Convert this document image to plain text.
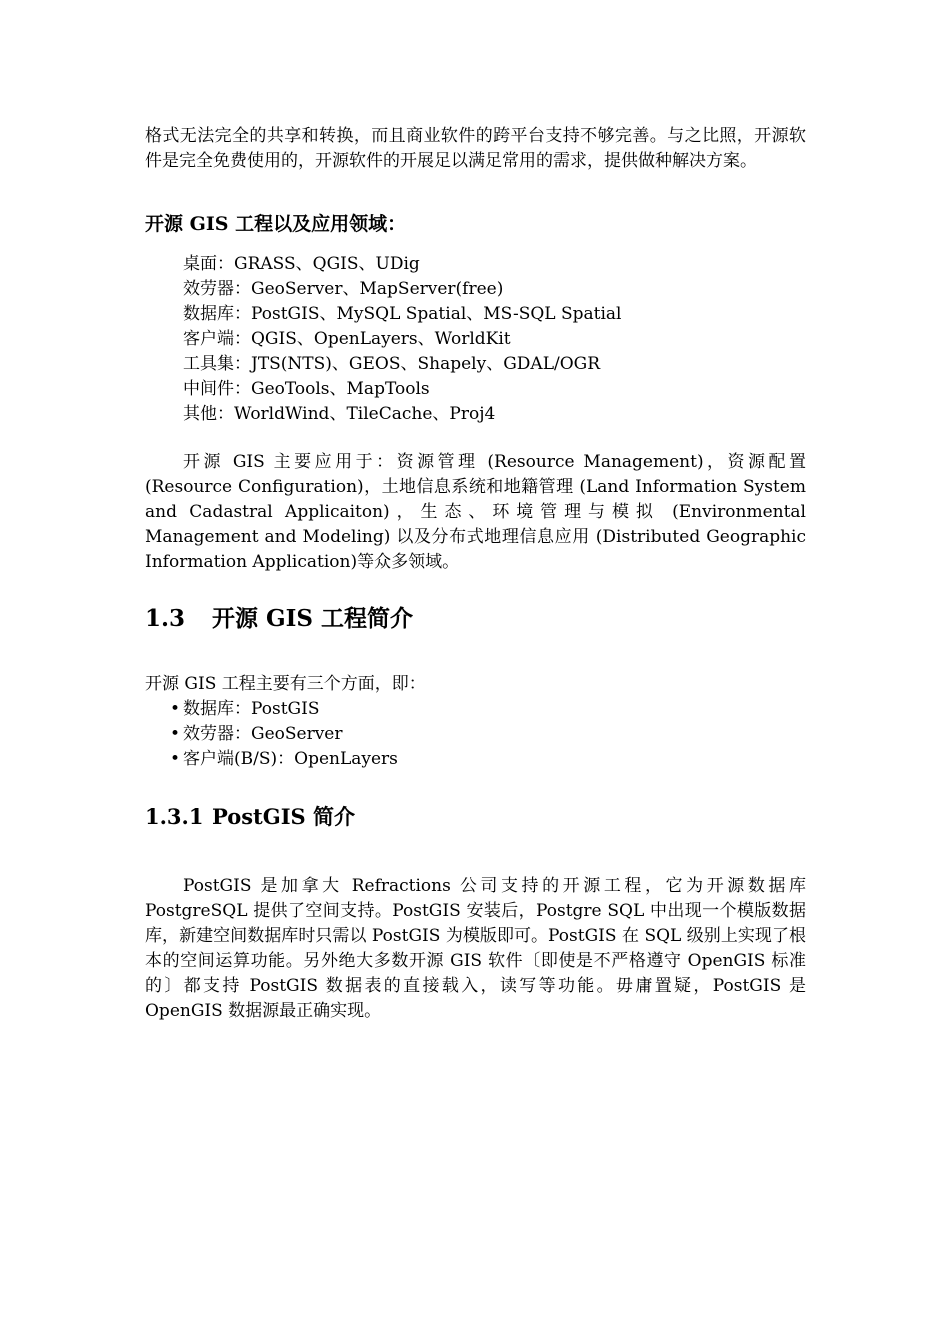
格式无法完全的共享和转换，而且商业软件的跨平台支持不够完善。与之比照，开源软件是完全免费使用的，开源软件的开展足以满足常用的需求，提供做种解决方案。

开源 GIS 工程以及应用领域：
桌面：GRASS、QGIS、UDig
效劳器：GeoServer、MapServer(free)
数据库：PostGIS、MySQL Spatial、MS-SQL Spatial
客户端：QGIS、OpenLayers、WorldKit
工具集：JTS(NTS)、GEOS、Shapely、GDAL/OGR
中间件：GeoTools、MapTools
其他：WorldWind、TileCache、Proj4

开源 GIS 主要应用于：资源管理 (Resource Management)，资源配置 (Resource Configuration)，土地信息系统和地籍管理 (Land Information System and Cadastral Applicaiton)，生态、环境管理与模拟 (Environmental Management and Modeling) 以及分布式地理信息应用 (Distributed Geographic Information Application)等众多领域。

1.3 开源 GIS 工程简介

开源 GIS 工程主要有三个方面，即：

• 数据库：PostGIS
• 效劳器：GeoServer
• 客户端(B/S)：OpenLayers
1.3.1 PostGIS 简介

PostGIS 是加拿大 Refractions 公司支持的开源工程，它为开源数据库 PostgreSQL 提供了空间支持。PostGIS 安装后，Postgre SQL 中出现一个模版数据库，新建空间数据库时只需以 PostGIS 为模版即可。PostGIS 在 SQL 级别上实现了根本的空间运算功能。另外绝大多数开源 GIS 软件〔即使是不严格遵守 OpenGIS 标准的〕都支持 PostGIS 数据表的直接载入，读写等功能。毋庸置疑，PostGIS 是 OpenGIS 数据源最正确实现。
